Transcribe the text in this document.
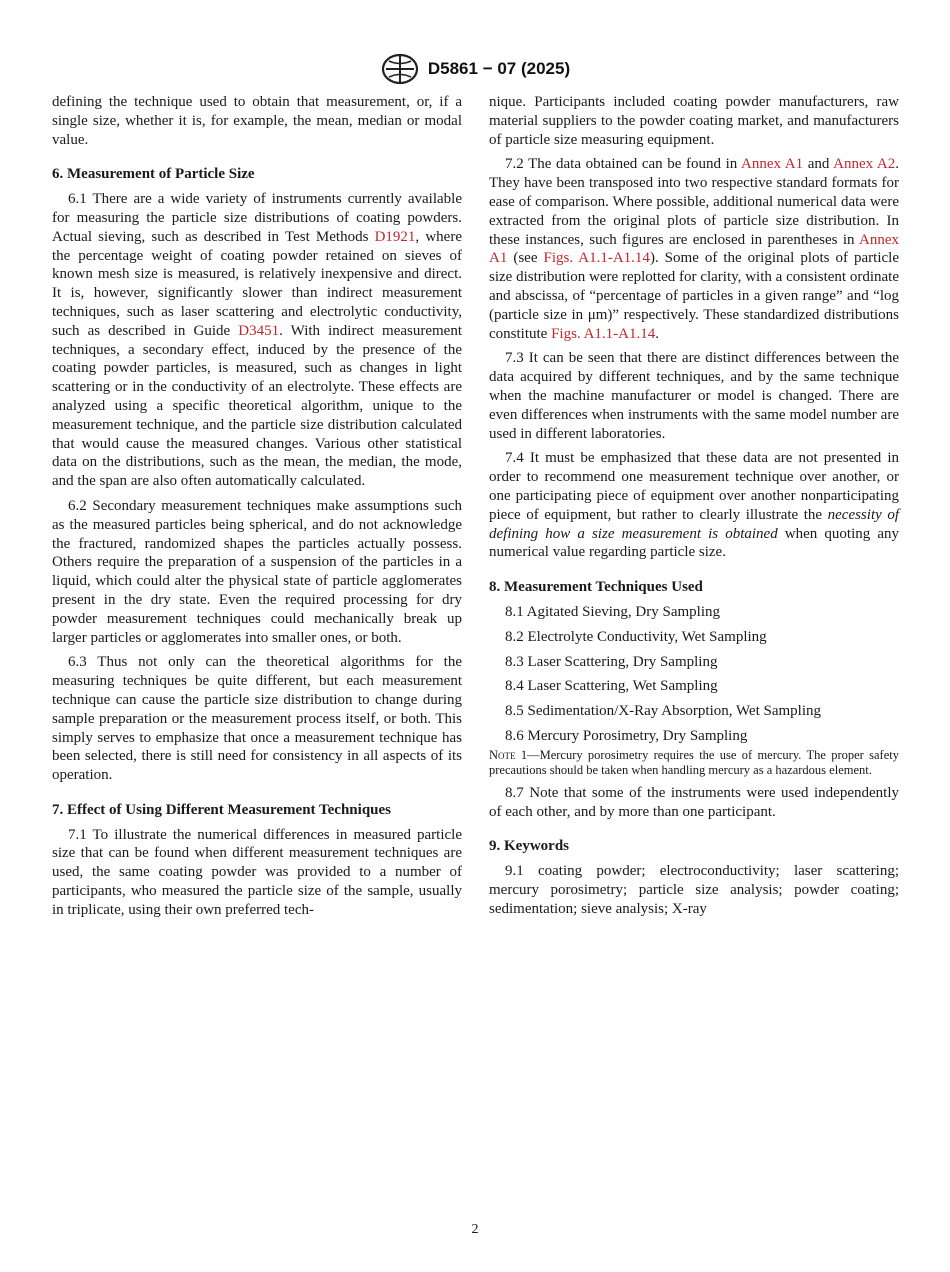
D5861 − 07 (2025)

defining the technique used to obtain that measurement, or, if a single size, whether it is, for example, the mean, median or modal value.

6. Measurement of Particle Size

6.1 There are a wide variety of instruments currently available for measuring the particle size distributions of coating powders. Actual sieving, such as described in Test Methods D1921, where the percentage weight of coating powder retained on sieves of known mesh size is measured, is relatively inexpensive and direct. It is, however, significantly slower than indirect measurement techniques, such as laser scattering and electrolytic conductivity, such as described in Guide D3451. With indirect measurement techniques, a secondary effect, induced by the presence of the coating powder particles, is measured, such as changes in light scattering or in the conductivity of an electrolyte. These effects are analyzed using a specific theoretical algorithm, unique to the measurement technique, and the particle size distribution calculated that would cause the measured changes. Various other statistical data on the distributions, such as the mean, the median, the mode, and the span are also often automatically calculated.

6.2 Secondary measurement techniques make assumptions such as the measured particles being spherical, and do not acknowledge the fractured, randomized shapes the particles actually possess. Others require the preparation of a suspension of the particles in a liquid, which could alter the physical state of particle agglomerates present in the dry state. Even the required processing for dry powder measurement techniques could mechanically break up larger particles or agglomerates into smaller ones, or both.

6.3 Thus not only can the theoretical algorithms for the measuring techniques be quite different, but each measurement technique can cause the particle size distribution to change during sample preparation or the measurement process itself, or both. This simply serves to emphasize that once a measurement technique has been selected, there is still need for consistency in all aspects of its operation.

7. Effect of Using Different Measurement Techniques

7.1 To illustrate the numerical differences in measured particle size that can be found when different measurement techniques are used, the same coating powder was provided to a number of participants, who measured the particle size of the sample, usually in triplicate, using their own preferred tech-

nique. Participants included coating powder manufacturers, raw material suppliers to the powder coating market, and manufacturers of particle size measuring equipment.

7.2 The data obtained can be found in Annex A1 and Annex A2. They have been transposed into two respective standard formats for ease of comparison. Where possible, additional numerical data were extracted from the original plots of particle size distribution. In these instances, such figures are enclosed in parentheses in Annex A1 (see Figs. A1.1-A1.14). Some of the original plots of particle size distribution were replotted for clarity, with a consistent ordinate and abscissa, of “percentage of particles in a given range” and “log (particle size in μm)” respectively. These standardized distributions constitute Figs. A1.1-A1.14.

7.3 It can be seen that there are distinct differences between the data acquired by different techniques, and by the same technique when the machine manufacturer or model is changed. There are even differences when instruments with the same model number are used in different laboratories.

7.4 It must be emphasized that these data are not presented in order to recommend one measurement technique over another, or one participating piece of equipment over another nonparticipating piece of equipment, but rather to clearly illustrate the necessity of defining how a size measurement is obtained when quoting any numerical value regarding particle size.

8. Measurement Techniques Used

8.1 Agitated Sieving, Dry Sampling

8.2 Electrolyte Conductivity, Wet Sampling

8.3 Laser Scattering, Dry Sampling

8.4 Laser Scattering, Wet Sampling

8.5 Sedimentation/X-Ray Absorption, Wet Sampling

8.6 Mercury Porosimetry, Dry Sampling

Note 1—Mercury porosimetry requires the use of mercury. The proper safety precautions should be taken when handling mercury as a hazardous element.

8.7 Note that some of the instruments were used independently of each other, and by more than one participant.

9. Keywords

9.1 coating powder; electroconductivity; laser scattering; mercury porosimetry; particle size analysis; powder coating; sedimentation; sieve analysis; X-ray

2
